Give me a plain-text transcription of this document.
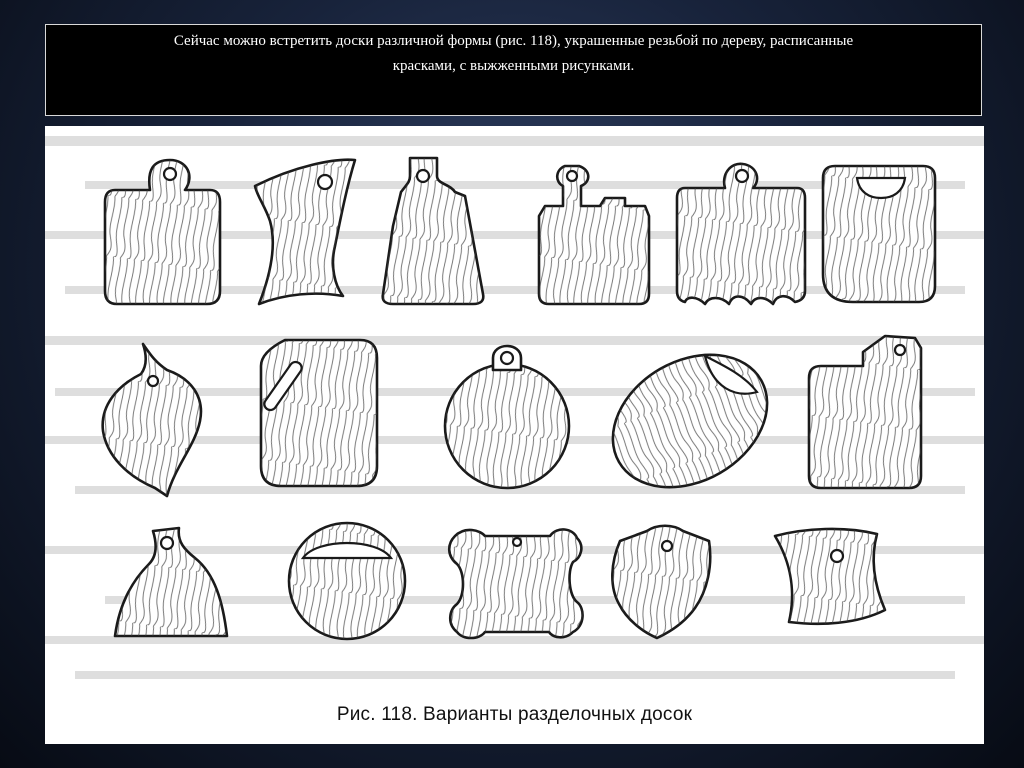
Сейчас можно встретить доски различной формы (рис. 118), украшенные резьбой по дереву, расписанные
красками, с выжженными рисунками.

Рис. 118. Варианты разделочных досок
